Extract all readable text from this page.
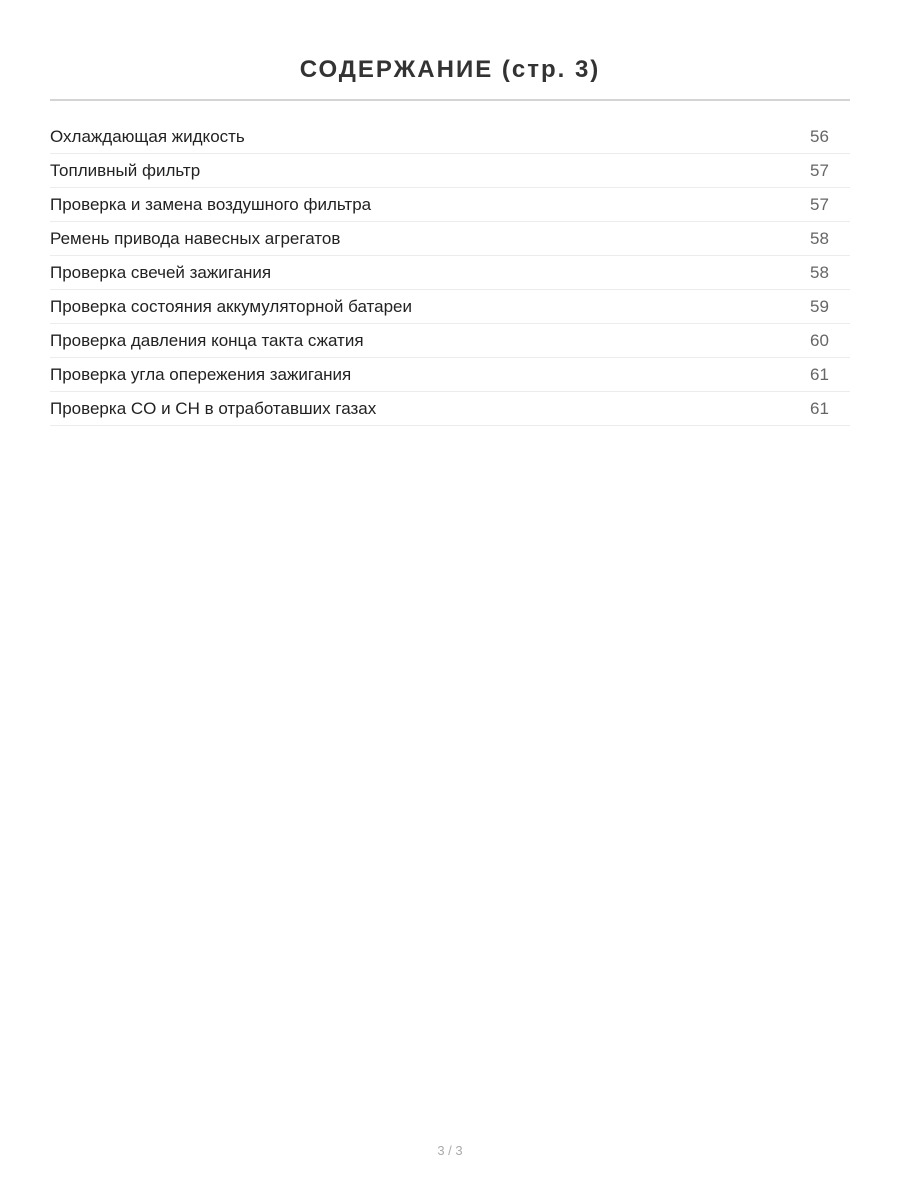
СОДЕРЖАНИЕ (стр. 3)
Охлаждающая жидкость	56
Топливный фильтр	57
Проверка и замена воздушного фильтра	57
Ремень привода навесных агрегатов	58
Проверка свечей зажигания	58
Проверка состояния аккумуляторной батареи	59
Проверка давления конца такта сжатия	60
Проверка угла опережения зажигания	61
Проверка CO и CH в отработавших газах	61
3 / 3
